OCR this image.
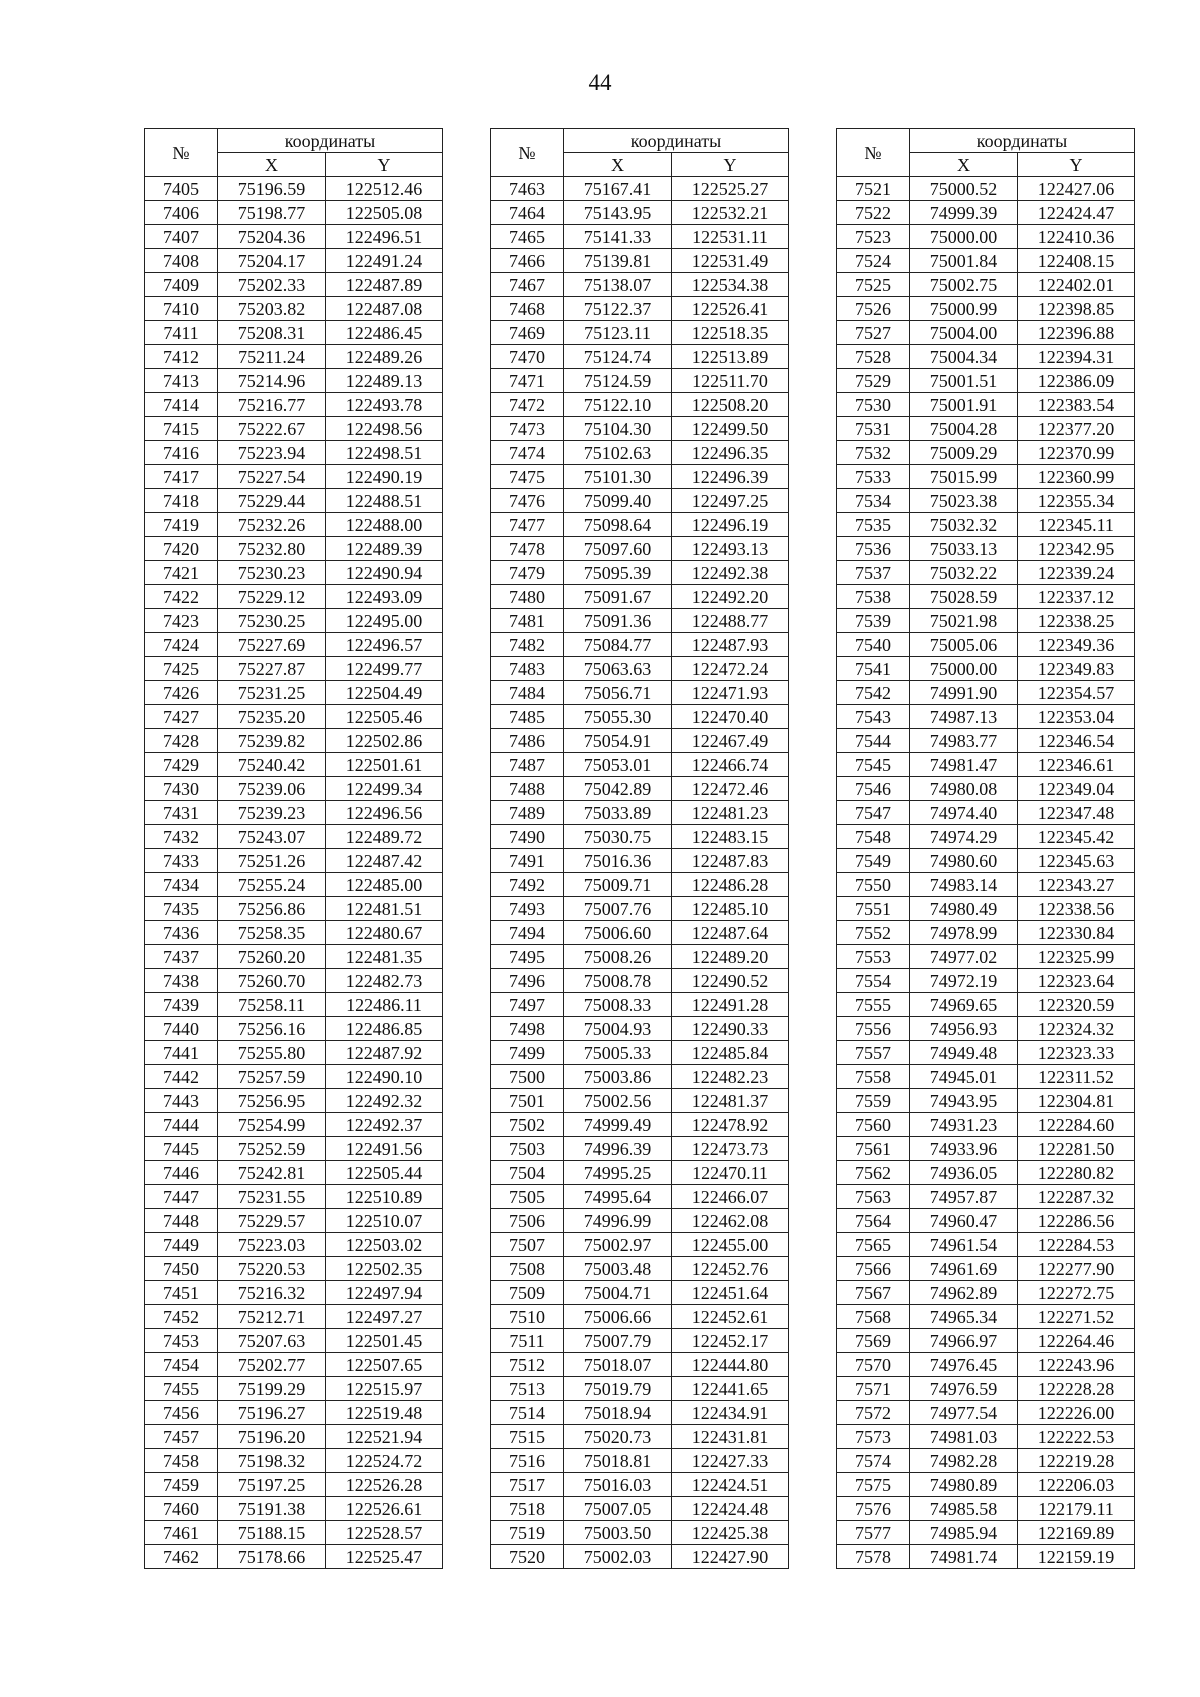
44
№	координаты	
	X	Y
7405	75196.59	122512.46
7406	75198.77	122505.08
7407	75204.36	122496.51
7408	75204.17	122491.24
7409	75202.33	122487.89
7410	75203.82	122487.08
7411	75208.31	122486.45
7412	75211.24	122489.26
7413	75214.96	122489.13
7414	75216.77	122493.78
7415	75222.67	122498.56
7416	75223.94	122498.51
7417	75227.54	122490.19
7418	75229.44	122488.51
7419	75232.26	122488.00
7420	75232.80	122489.39
7421	75230.23	122490.94
7422	75229.12	122493.09
7423	75230.25	122495.00
7424	75227.69	122496.57
7425	75227.87	122499.77
7426	75231.25	122504.49
7427	75235.20	122505.46
7428	75239.82	122502.86
7429	75240.42	122501.61
7430	75239.06	122499.34
7431	75239.23	122496.56
7432	75243.07	122489.72
7433	75251.26	122487.42
7434	75255.24	122485.00
7435	75256.86	122481.51
7436	75258.35	122480.67
7437	75260.20	122481.35
7438	75260.70	122482.73
7439	75258.11	122486.11
7440	75256.16	122486.85
7441	75255.80	122487.92
7442	75257.59	122490.10
7443	75256.95	122492.32
7444	75254.99	122492.37
7445	75252.59	122491.56
7446	75242.81	122505.44
7447	75231.55	122510.89
7448	75229.57	122510.07
7449	75223.03	122503.02
7450	75220.53	122502.35
7451	75216.32	122497.94
7452	75212.71	122497.27
7453	75207.63	122501.45
7454	75202.77	122507.65
7455	75199.29	122515.97
7456	75196.27	122519.48
7457	75196.20	122521.94
7458	75198.32	122524.72
7459	75197.25	122526.28
7460	75191.38	122526.61
7461	75188.15	122528.57
7462	75178.66	122525.47
№	координаты	
	X	Y
7463	75167.41	122525.27
7464	75143.95	122532.21
7465	75141.33	122531.11
7466	75139.81	122531.49
7467	75138.07	122534.38
7468	75122.37	122526.41
7469	75123.11	122518.35
7470	75124.74	122513.89
7471	75124.59	122511.70
7472	75122.10	122508.20
7473	75104.30	122499.50
7474	75102.63	122496.35
7475	75101.30	122496.39
7476	75099.40	122497.25
7477	75098.64	122496.19
7478	75097.60	122493.13
7479	75095.39	122492.38
7480	75091.67	122492.20
7481	75091.36	122488.77
7482	75084.77	122487.93
7483	75063.63	122472.24
7484	75056.71	122471.93
7485	75055.30	122470.40
7486	75054.91	122467.49
7487	75053.01	122466.74
7488	75042.89	122472.46
7489	75033.89	122481.23
7490	75030.75	122483.15
7491	75016.36	122487.83
7492	75009.71	122486.28
7493	75007.76	122485.10
7494	75006.60	122487.64
7495	75008.26	122489.20
7496	75008.78	122490.52
7497	75008.33	122491.28
7498	75004.93	122490.33
7499	75005.33	122485.84
7500	75003.86	122482.23
7501	75002.56	122481.37
7502	74999.49	122478.92
7503	74996.39	122473.73
7504	74995.25	122470.11
7505	74995.64	122466.07
7506	74996.99	122462.08
7507	75002.97	122455.00
7508	75003.48	122452.76
7509	75004.71	122451.64
7510	75006.66	122452.61
7511	75007.79	122452.17
7512	75018.07	122444.80
7513	75019.79	122441.65
7514	75018.94	122434.91
7515	75020.73	122431.81
7516	75018.81	122427.33
7517	75016.03	122424.51
7518	75007.05	122424.48
7519	75003.50	122425.38
7520	75002.03	122427.90
№	координаты	
	X	Y
7521	75000.52	122427.06
7522	74999.39	122424.47
7523	75000.00	122410.36
7524	75001.84	122408.15
7525	75002.75	122402.01
7526	75000.99	122398.85
7527	75004.00	122396.88
7528	75004.34	122394.31
7529	75001.51	122386.09
7530	75001.91	122383.54
7531	75004.28	122377.20
7532	75009.29	122370.99
7533	75015.99	122360.99
7534	75023.38	122355.34
7535	75032.32	122345.11
7536	75033.13	122342.95
7537	75032.22	122339.24
7538	75028.59	122337.12
7539	75021.98	122338.25
7540	75005.06	122349.36
7541	75000.00	122349.83
7542	74991.90	122354.57
7543	74987.13	122353.04
7544	74983.77	122346.54
7545	74981.47	122346.61
7546	74980.08	122349.04
7547	74974.40	122347.48
7548	74974.29	122345.42
7549	74980.60	122345.63
7550	74983.14	122343.27
7551	74980.49	122338.56
7552	74978.99	122330.84
7553	74977.02	122325.99
7554	74972.19	122323.64
7555	74969.65	122320.59
7556	74956.93	122324.32
7557	74949.48	122323.33
7558	74945.01	122311.52
7559	74943.95	122304.81
7560	74931.23	122284.60
7561	74933.96	122281.50
7562	74936.05	122280.82
7563	74957.87	122287.32
7564	74960.47	122286.56
7565	74961.54	122284.53
7566	74961.69	122277.90
7567	74962.89	122272.75
7568	74965.34	122271.52
7569	74966.97	122264.46
7570	74976.45	122243.96
7571	74976.59	122228.28
7572	74977.54	122226.00
7573	74981.03	122222.53
7574	74982.28	122219.28
7575	74980.89	122206.03
7576	74985.58	122179.11
7577	74985.94	122169.89
7578	74981.74	122159.19
